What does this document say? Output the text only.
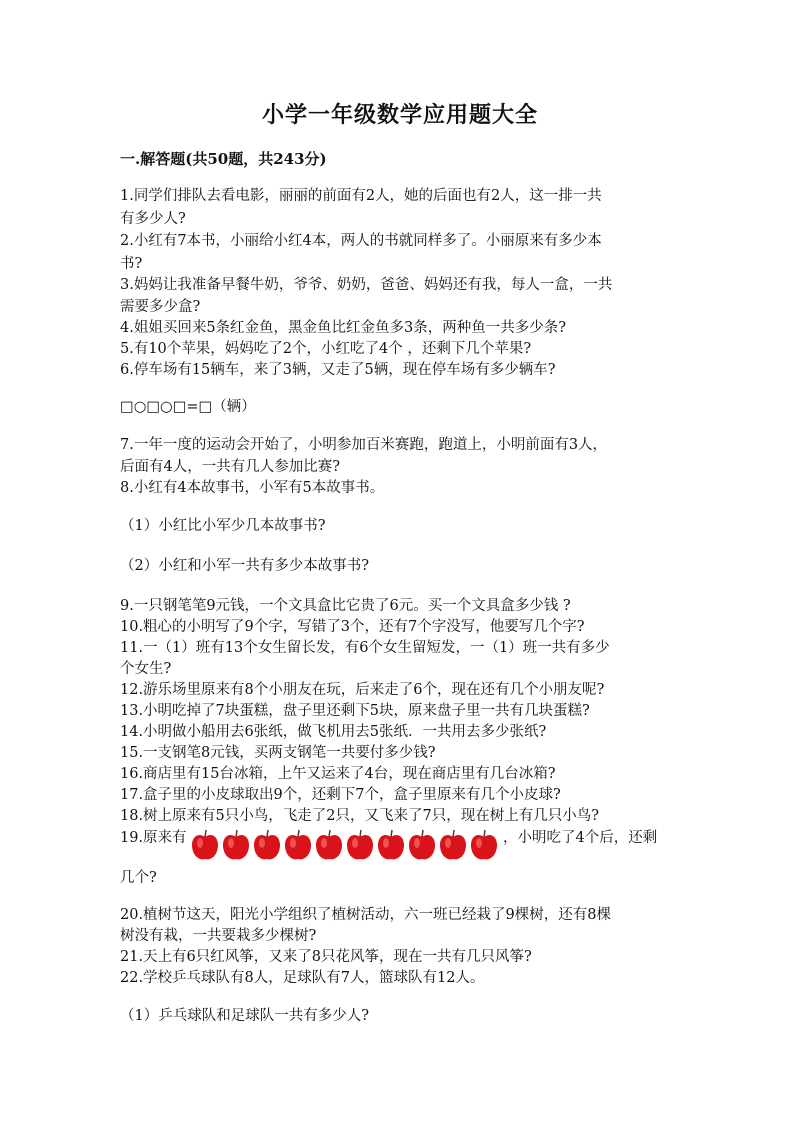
小学一年级数学应用题大全
一.解答题(共50题，共243分)
1.同学们排队去看电影，丽丽的前面有2人，她的后面也有2人，这一排一共
有多少人?
2.小红有7本书，小丽给小红4本，两人的书就同样多了。小丽原来有多少本
书?
3.妈妈让我准备早餐牛奶，爷爷、奶奶，爸爸、妈妈还有我，每人一盒，一共
需要多少盒?
4.姐姐买回来5条红金鱼，黑金鱼比红金鱼多3条，两种鱼一共多少条?
5.有10个苹果，妈妈吃了2个，小红吃了4个 ，还剩下几个苹果?
6.停车场有15辆车，来了3辆，又走了5辆，现在停车场有多少辆车?
□○□○□=□（辆）
7.一年一度的运动会开始了，小明参加百米赛跑，跑道上，小明前面有3人，
后面有4人，一共有几人参加比赛?
8.小红有4本故事书，小军有5本故事书。
（1）小红比小军少几本故事书?
（2）小红和小军一共有多少本故事书?
9.一只钢笔笔9元钱，一个文具盒比它贵了6元。买一个文具盒多少钱 ?
10.粗心的小明写了9个字，写错了3个，还有7个字没写，他要写几个字?
11.一（1）班有13个女生留长发，有6个女生留短发，一（1）班一共有多少
个女生?
12.游乐场里原来有8个小朋友在玩，后来走了6个，现在还有几个小朋友呢?
13.小明吃掉了7块蛋糕，盘子里还剩下5块，原来盘子里一共有几块蛋糕?
14.小明做小船用去6张纸，做飞机用去5张纸．一共用去多少张纸?
15.一支钢笔8元钱，买两支钢笔一共要付多少钱?
16.商店里有15台冰箱，上午又运来了4台，现在商店里有几台冰箱?
17.盒子里的小皮球取出9个，还剩下7个，盒子里原来有几个小皮球?
18.树上原来有5只小鸟，飞走了2只，又飞来了7只，现在树上有几只小鸟?
19.原来有	，小明吃了4个后，还剩
几个?
20.植树节这天，阳光小学组织了植树活动，六一班已经栽了9棵树，还有8棵
树没有栽，一共要栽多少棵树?
21.天上有6只红风筝，又来了8只花风筝，现在一共有几只风筝?
22.学校乒乓球队有8人，足球队有7人，篮球队有12人。
（1）乒乓球队和足球队一共有多少人?
